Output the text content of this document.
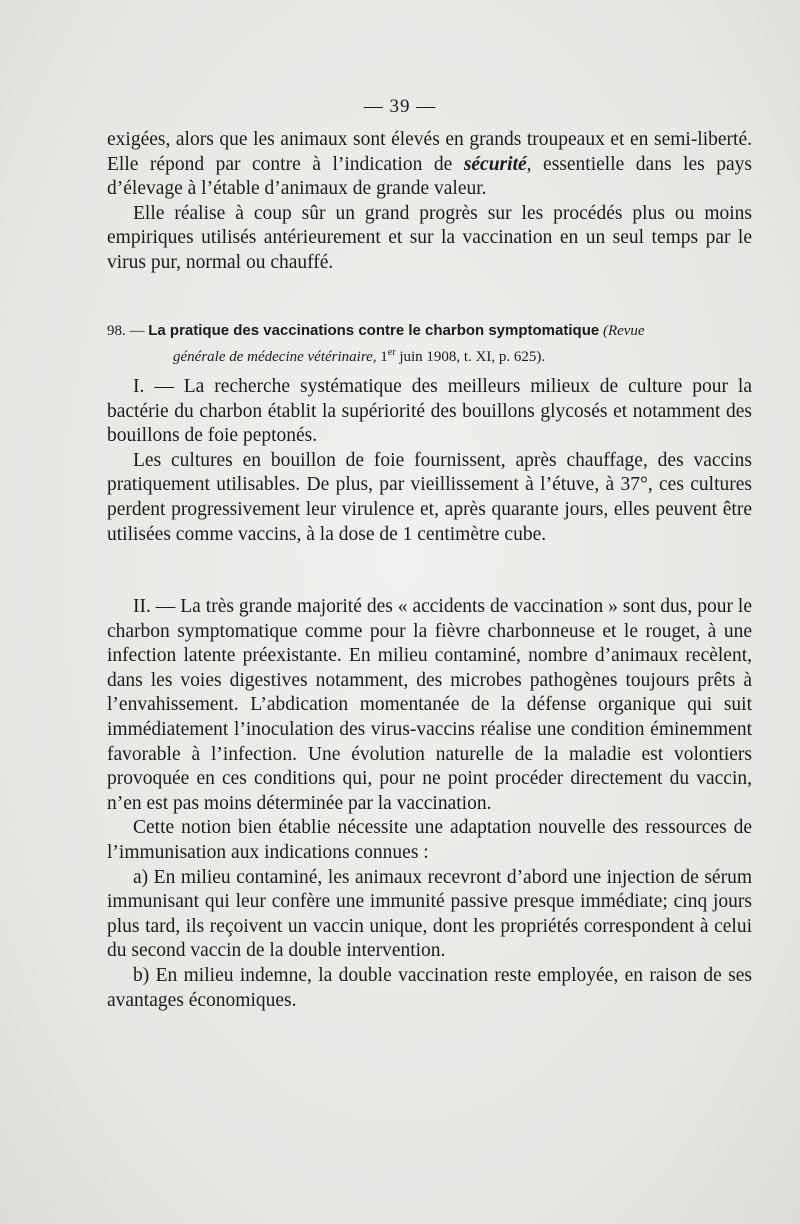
— 39 —

exigées, alors que les animaux sont élevés en grands troupeaux et en semi-liberté. Elle répond par contre à l’indication de sécurité, essentielle dans les pays d’élevage à l’étable d’animaux de grande valeur.

Elle réalise à coup sûr un grand progrès sur les procédés plus ou moins empiriques utilisés antérieurement et sur la vaccination en un seul temps par le virus pur, normal ou chauffé.

98. — La pratique des vaccinations contre le charbon symptomatique (Revue
générale de médecine vétérinaire, 1er juin 1908, t. XI, p. 625).

I. — La recherche systématique des meilleurs milieux de culture pour la bactérie du charbon établit la supériorité des bouillons glycosés et notamment des bouillons de foie peptonés.

Les cultures en bouillon de foie fournissent, après chauffage, des vaccins pratiquement utilisables. De plus, par vieillissement à l’étuve, à 37°, ces cultures perdent progressivement leur virulence et, après quarante jours, elles peuvent être utilisées comme vaccins, à la dose de 1 centimètre cube.

II. — La très grande majorité des « accidents de vaccination » sont dus, pour le charbon symptomatique comme pour la fièvre charbonneuse et le rouget, à une infection latente préexistante. En milieu contaminé, nombre d’animaux recèlent, dans les voies digestives notamment, des microbes pathogènes toujours prêts à l’envahissement. L’abdication momentanée de la défense organique qui suit immédiatement l’inoculation des virus-vaccins réalise une condition éminemment favorable à l’infection. Une évolution naturelle de la maladie est volontiers provoquée en ces conditions qui, pour ne point procéder directement du vaccin, n’en est pas moins déterminée par la vaccination.

Cette notion bien établie nécessite une adaptation nouvelle des ressources de l’immunisation aux indications connues :

a) En milieu contaminé, les animaux recevront d’abord une injection de sérum immunisant qui leur confère une immunité passive presque immédiate; cinq jours plus tard, ils reçoivent un vaccin unique, dont les propriétés correspondent à celui du second vaccin de la double intervention.

b) En milieu indemne, la double vaccination reste employée, en raison de ses avantages économiques.
